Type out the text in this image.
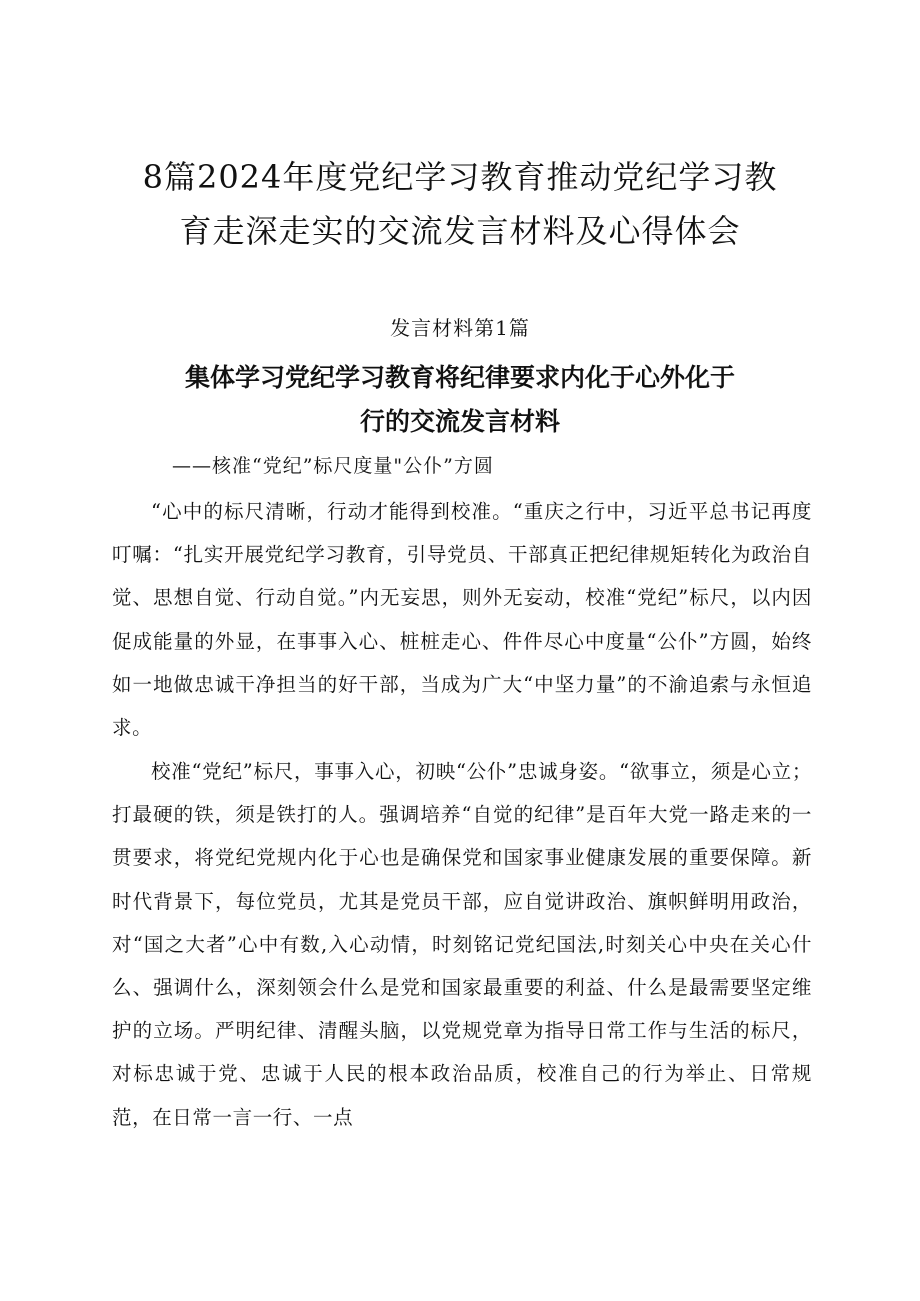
8篇2024年度党纪学习教育推动党纪学习教
育走深走实的交流发言材料及心得体会
发言材料第1篇
集体学习党纪学习教育将纪律要求内化于心外化于
行的交流发言材料
——核准“党纪”标尺度量"公仆”方圆

“心中的标尺清晰，行动才能得到校准。“重庆之行中，习近平总书记再度叮嘱：“扎实开展党纪学习教育，引导党员、干部真正把纪律规矩转化为政治自觉、思想自觉、行动自觉。”内无妄思，则外无妄动，校准“党纪”标尺，以内因促成能量的外显，在事事入心、桩桩走心、件件尽心中度量“公仆”方圆，始终如一地做忠诚干净担当的好干部，当成为广大“中坚力量”的不渝追索与永恒追求。

校准“党纪”标尺，事事入心，初映“公仆”忠诚身姿。“欲事立，须是心立；打最硬的铁，须是铁打的人。强调培养“自觉的纪律”是百年大党一路走来的一贯要求，将党纪党规内化于心也是确保党和国家事业健康发展的重要保障。新时代背景下，每位党员，尤其是党员干部，应自觉讲政治、旗帜鲜明用政治，对“国之大者”心中有数,入心动情，时刻铭记党纪国法,时刻关心中央在关心什么、强调什么，深刻领会什么是党和国家最重要的利益、什么是最需要坚定维护的立场。严明纪律、清醒头脑，以党规党章为指导日常工作与生活的标尺，对标忠诚于党、忠诚于人民的根本政治品质，校准自己的行为举止、日常规范，在日常一言一行、一点
